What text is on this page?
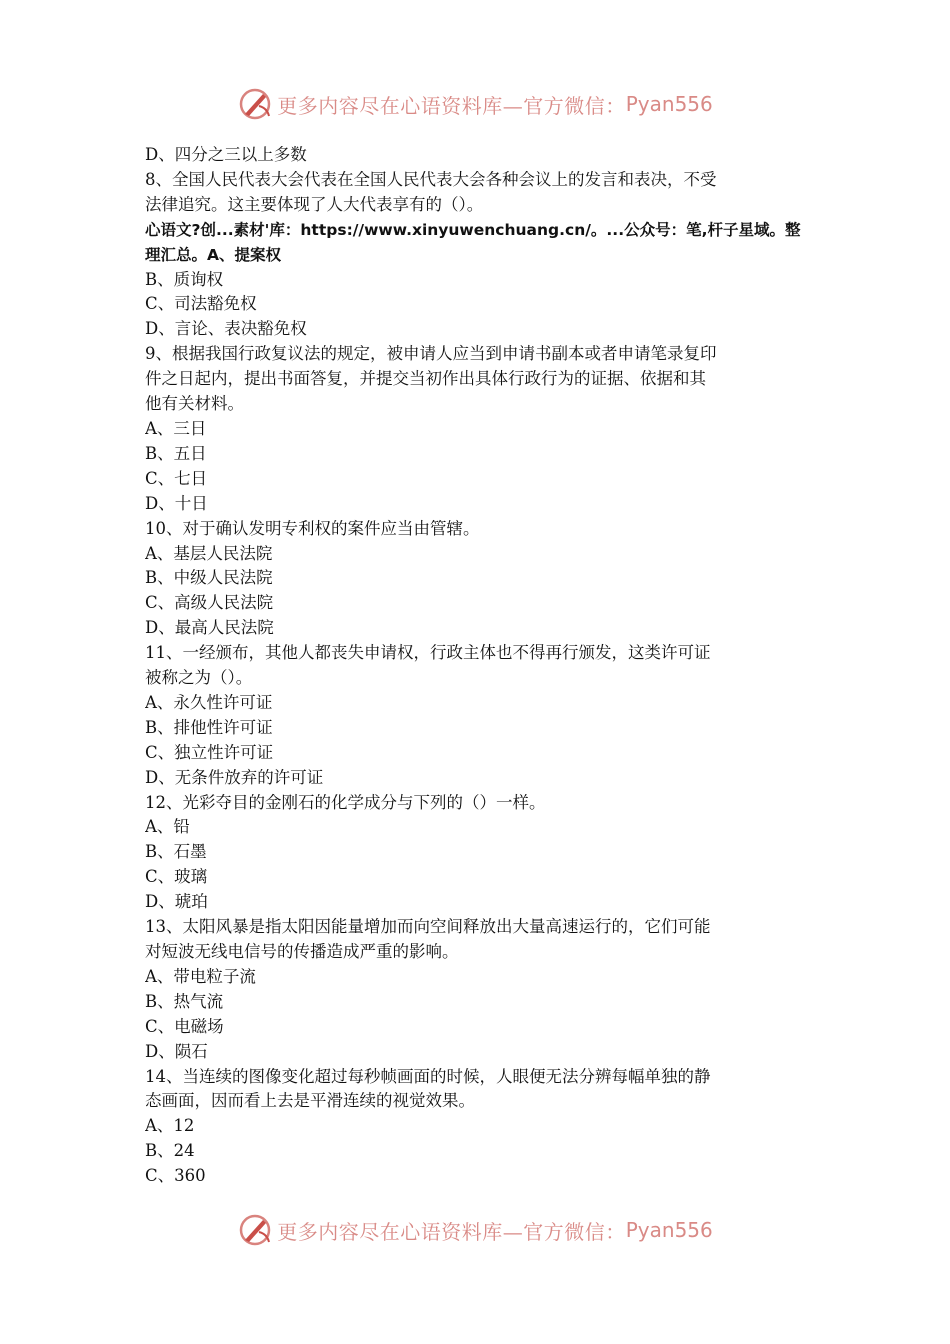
更多内容尽在心语资料库—官方微信： Pyan556
D、四分之三以上多数
8、全国人民代表大会代表在全国人民代表大会各种会议上的发言和表决，不受
法律追究。这主要体现了人大代表享有的（）。
心语文?创...素材'库：https://www.xinyuwenchuang.cn/。...公众号：笔,杆子星域。整
理汇总。A、提案权
B、质询权
C、司法豁免权
D、言论、表决豁免权
9、根据我国行政复议法的规定，被申请人应当到申请书副本或者申请笔录复印
件之日起内，提出书面答复，并提交当初作出具体行政行为的证据、依据和其
他有关材料。
A、三日
B、五日
C、七日
D、十日
10、对于确认发明专利权的案件应当由管辖。
A、基层人民法院
B、中级人民法院
C、高级人民法院
D、最高人民法院
11、一经颁布，其他人都丧失申请权，行政主体也不得再行颁发，这类许可证
被称之为（）。
A、永久性许可证
B、排他性许可证
C、独立性许可证
D、无条件放弃的许可证
12、光彩夺目的金刚石的化学成分与下列的（）一样。
A、铅
B、石墨
C、玻璃
D、琥珀
13、太阳风暴是指太阳因能量增加而向空间释放出大量高速运行的，它们可能
对短波无线电信号的传播造成严重的影响。
A、带电粒子流
B、热气流
C、电磁场
D、陨石
14、当连续的图像变化超过每秒帧画面的时候，人眼便无法分辨每幅单独的静
态画面，因而看上去是平滑连续的视觉效果。
A、12
B、24
C、360
更多内容尽在心语资料库—官方微信： Pyan556
